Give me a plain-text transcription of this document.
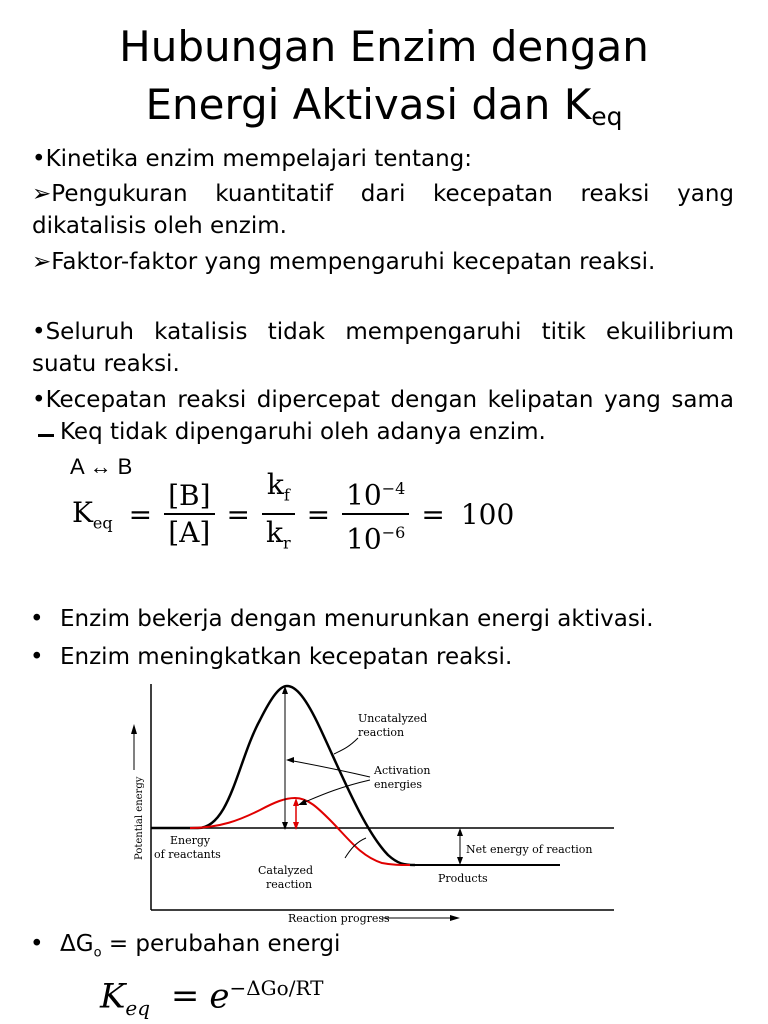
Hubungan Enzim dengan
Energi Aktivasi dan $K_{eq}$
•Kinetika enzim mempelajari tentang:
➢Pengukuran kuantitatif dari kecepatan reaksi yang dikatalisis oleh enzim.
➢Faktor-faktor yang mempengaruhi kecepatan reaksi.
•Seluruh katalisis tidak mempengaruhi titik ekuilibrium suatu reaksi.
•Kecepatan reaksi dipercepat dengan kelipatan yang samaKeq tidak dipengaruhi oleh adanya enzim.
A ↔ B
$K_{eq} = \frac{[B]}{[A]} = \frac{k_f}{k_r} = \frac{10^{-4}}{10^{-6}} = 100$
• Enzim bekerja dengan menurunkan energi aktivasi.
• Enzim meningkatkan kecepatan reaksi.
Potential energy
Reaction progress
Uncatalyzed
reaction
Activation
energies
Energy
of reactants
Catalyzed
reaction
Net energy of reaction
Products
• $\Delta G_o$ = perubahan energi
$K_{eq} = e^{-\Delta Go/RT}$
